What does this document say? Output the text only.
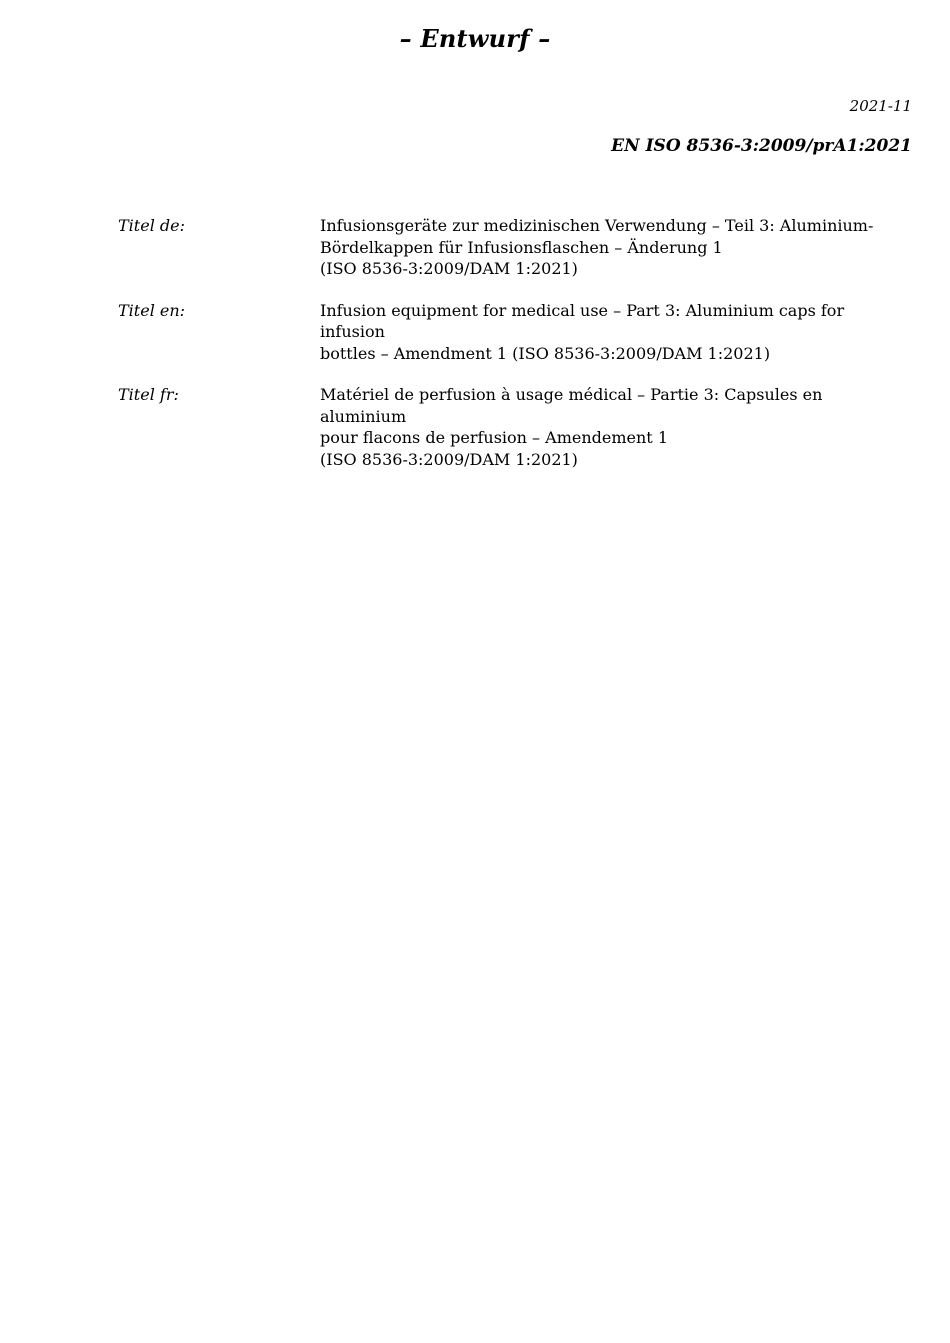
– Entwurf –
2021-11
EN ISO 8536-3:2009/prA1:2021
Titel de:	Infusionsgeräte zur medizinischen Verwendung – Teil 3: Aluminium-
Bördelkappen für Infusionsflaschen – Änderung 1
(ISO 8536-3:2009/DAM 1:2021)
Titel en:	Infusion equipment for medical use – Part 3: Aluminium caps for infusion
bottles – Amendment 1 (ISO 8536-3:2009/DAM 1:2021)
Titel fr:	Matériel de perfusion à usage médical – Partie 3: Capsules en aluminium
pour flacons de perfusion – Amendement 1
(ISO 8536-3:2009/DAM 1:2021)
